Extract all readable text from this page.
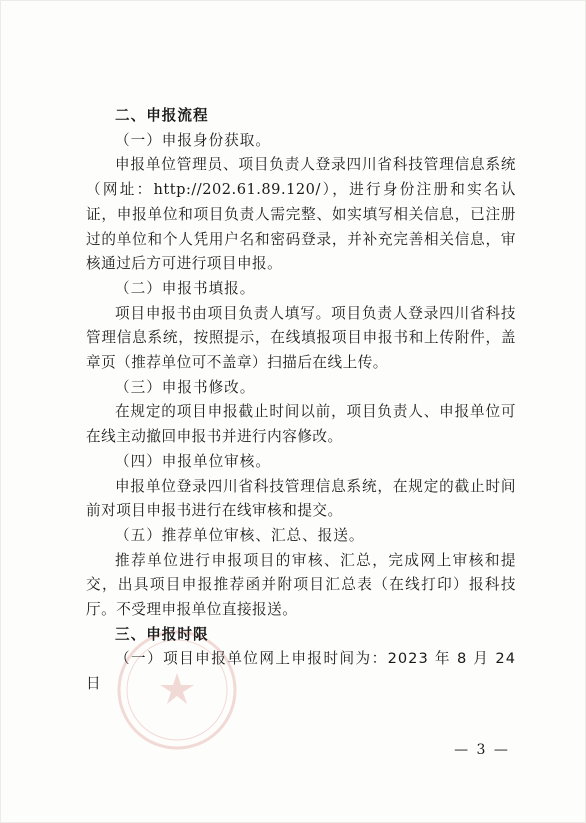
二、申报流程

（一）申报身份获取。

申报单位管理员、项目负责人登录四川省科技管理信息系统（网址：http://202.61.89.120/），进行身份注册和实名认证，申报单位和项目负责人需完整、如实填写相关信息，已注册过的单位和个人凭用户名和密码登录，并补充完善相关信息，审核通过后方可进行项目申报。

（二）申报书填报。

项目申报书由项目负责人填写。项目负责人登录四川省科技管理信息系统，按照提示，在线填报项目申报书和上传附件，盖章页（推荐单位可不盖章）扫描后在线上传。

（三）申报书修改。

在规定的项目申报截止时间以前，项目负责人、申报单位可在线主动撤回申报书并进行内容修改。

（四）申报单位审核。

申报单位登录四川省科技管理信息系统，在规定的截止时间前对项目申报书进行在线审核和提交。

（五）推荐单位审核、汇总、报送。

推荐单位进行申报项目的审核、汇总，完成网上审核和提交，出具项目申报推荐函并附项目汇总表（在线打印）报科技厅。不受理申报单位直接报送。

三、申报时限

（一）项目申报单位网上申报时间为：2023 年 8 月 24 日

— 3 —
